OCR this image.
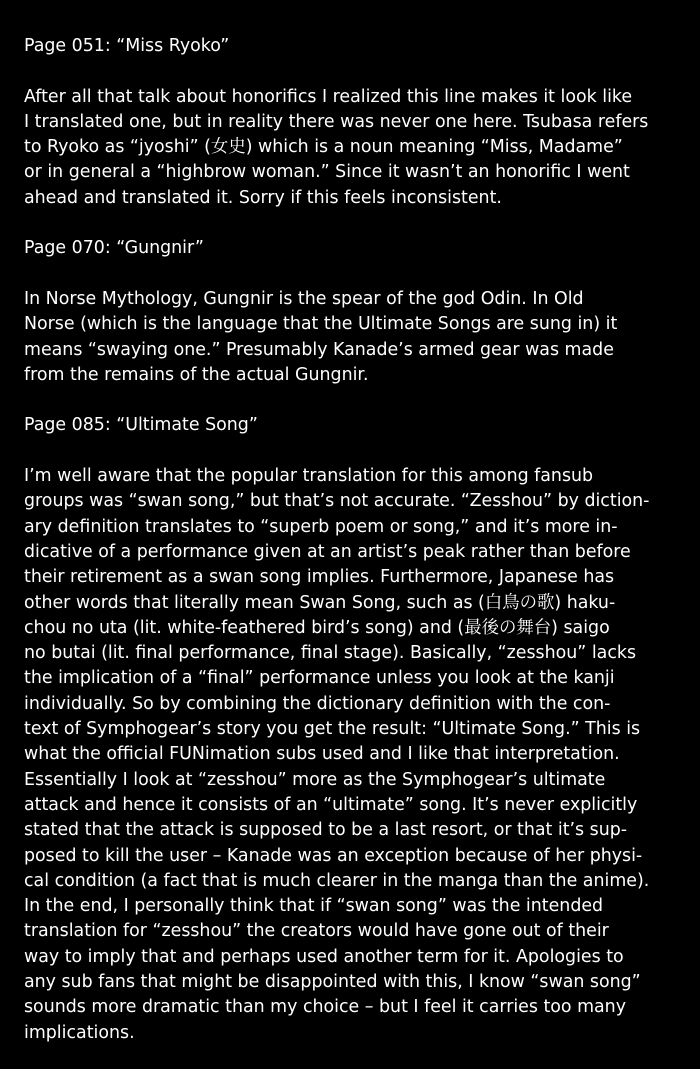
Page 051: “Miss Ryoko”

After all that talk about honorifics I realized this line makes it look like
I translated one, but in reality there was never one here. Tsubasa refers
to Ryoko as “jyoshi” (女史) which is a noun meaning “Miss, Madame”
or in general a “highbrow woman.” Since it wasn’t an honorific I went
ahead and translated it. Sorry if this feels inconsistent.

Page 070: “Gungnir”

In Norse Mythology, Gungnir is the spear of the god Odin. In Old
Norse (which is the language that the Ultimate Songs are sung in) it
means “swaying one.” Presumably Kanade’s armed gear was made
from the remains of the actual Gungnir.

Page 085: “Ultimate Song”

I’m well aware that the popular translation for this among fansub
groups was “swan song,” but that’s not accurate. “Zesshou” by diction-
ary definition translates to “superb poem or song,” and it’s more in-
dicative of a performance given at an artist’s peak rather than before
their retirement as a swan song implies. Furthermore, Japanese has
other words that literally mean Swan Song, such as (白鳥の歌) haku-
chou no uta (lit. white-feathered bird’s song) and (最後の舞台) saigo
no butai (lit. final performance, final stage). Basically, “zesshou” lacks
the implication of a “final” performance unless you look at the kanji
individually. So by combining the dictionary definition with the con-
text of Symphogear’s story you get the result: “Ultimate Song.” This is
what the official FUNimation subs used and I like that interpretation.
Essentially I look at “zesshou” more as the Symphogear’s ultimate
attack and hence it consists of an “ultimate” song. It’s never explicitly
stated that the attack is supposed to be a last resort, or that it’s sup-
posed to kill the user – Kanade was an exception because of her physi-
cal condition (a fact that is much clearer in the manga than the anime).
In the end, I personally think that if “swan song” was the intended
translation for “zesshou” the creators would have gone out of their
way to imply that and perhaps used another term for it. Apologies to
any sub fans that might be disappointed with this, I know “swan song”
sounds more dramatic than my choice – but I feel it carries too many
implications.
